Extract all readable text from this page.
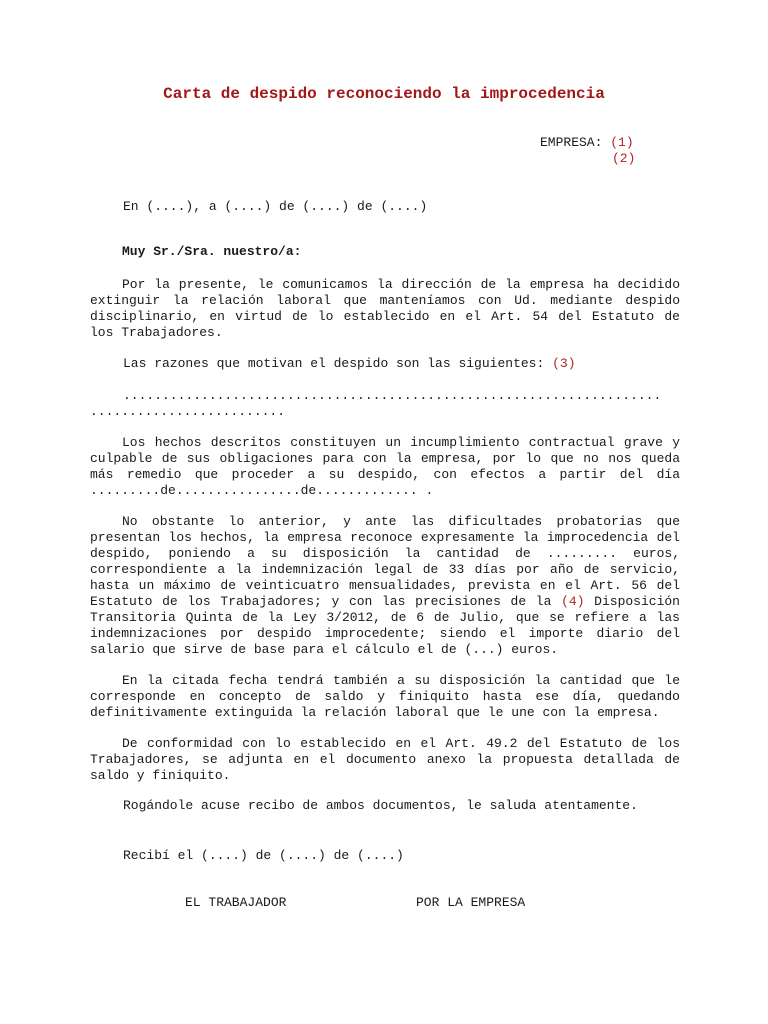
Carta de despido reconociendo la improcedencia
EMPRESA: (1)
(2)
En (....), a (....) de (....) de (....)
Muy Sr./Sra. nuestro/a:
Por la presente, le comunicamos la dirección de la empresa ha decidido extinguir la relación laboral que manteníamos con Ud. mediante despido disciplinario, en virtud de lo establecido en el Art. 54 del Estatuto de los Trabajadores.
Las razones que motivan el despido son las siguientes: (3)
.....................................................................
.........................
Los hechos descritos constituyen un incumplimiento contractual grave y culpable de sus obligaciones para con la empresa, por lo que no nos queda más remedio que proceder a su despido, con efectos a partir del día .........de................de............. .
No obstante lo anterior, y ante las dificultades probatorias que presentan los hechos, la empresa reconoce expresamente la improcedencia del despido, poniendo a su disposición la cantidad de ......... euros, correspondiente a la indemnización legal de 33 días por año de servicio, hasta un máximo de veinticuatro mensualidades, prevista en el Art. 56 del Estatuto de los Trabajadores; y con las precisiones de la (4) Disposición Transitoria Quinta de la Ley 3/2012, de 6 de Julio, que se refiere a las indemnizaciones por despido improcedente; siendo el importe diario del salario que sirve de base para el cálculo el de (...) euros.
En la citada fecha tendrá también a su disposición la cantidad que le corresponde en concepto de saldo y finiquito hasta ese día, quedando definitivamente extinguida la relación laboral que le une con la empresa.
De conformidad con lo establecido en el Art. 49.2 del Estatuto de los Trabajadores, se adjunta en el documento anexo la propuesta detallada de saldo y finiquito.
Rogándole acuse recibo de ambos documentos, le saluda atentamente.
Recibí el (....) de (....) de (....)
EL TRABAJADOR	POR LA EMPRESA
